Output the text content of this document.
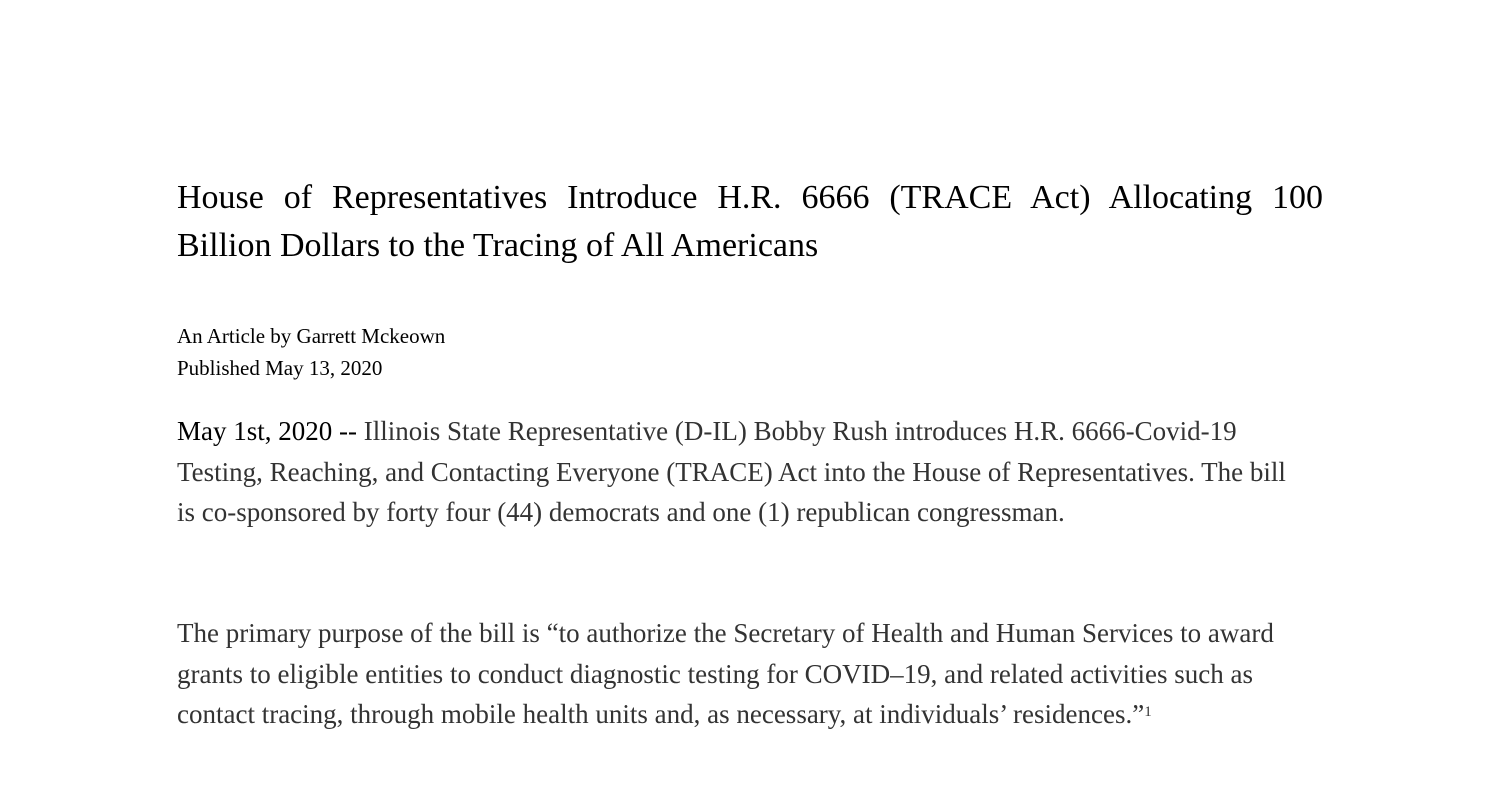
House of Representatives Introduce H.R. 6666 (TRACE Act) Allocating 100 Billion Dollars to the Tracing of All Americans
An Article by Garrett Mckeown
Published May 13, 2020

May 1st, 2020 -- Illinois State Representative (D-IL) Bobby Rush introduces H.R. 6666-Covid-19 Testing, Reaching, and Contacting Everyone (TRACE) Act into the House of Representatives. The bill is co-sponsored by forty four (44) democrats and one (1) republican congressman.

The primary purpose of the bill is “to authorize the Secretary of Health and Human Services to award grants to eligible entities to conduct diagnostic testing for COVID–19, and related activities such as contact tracing, through mobile health units and, as necessary, at individuals’ residences.”$^1$
